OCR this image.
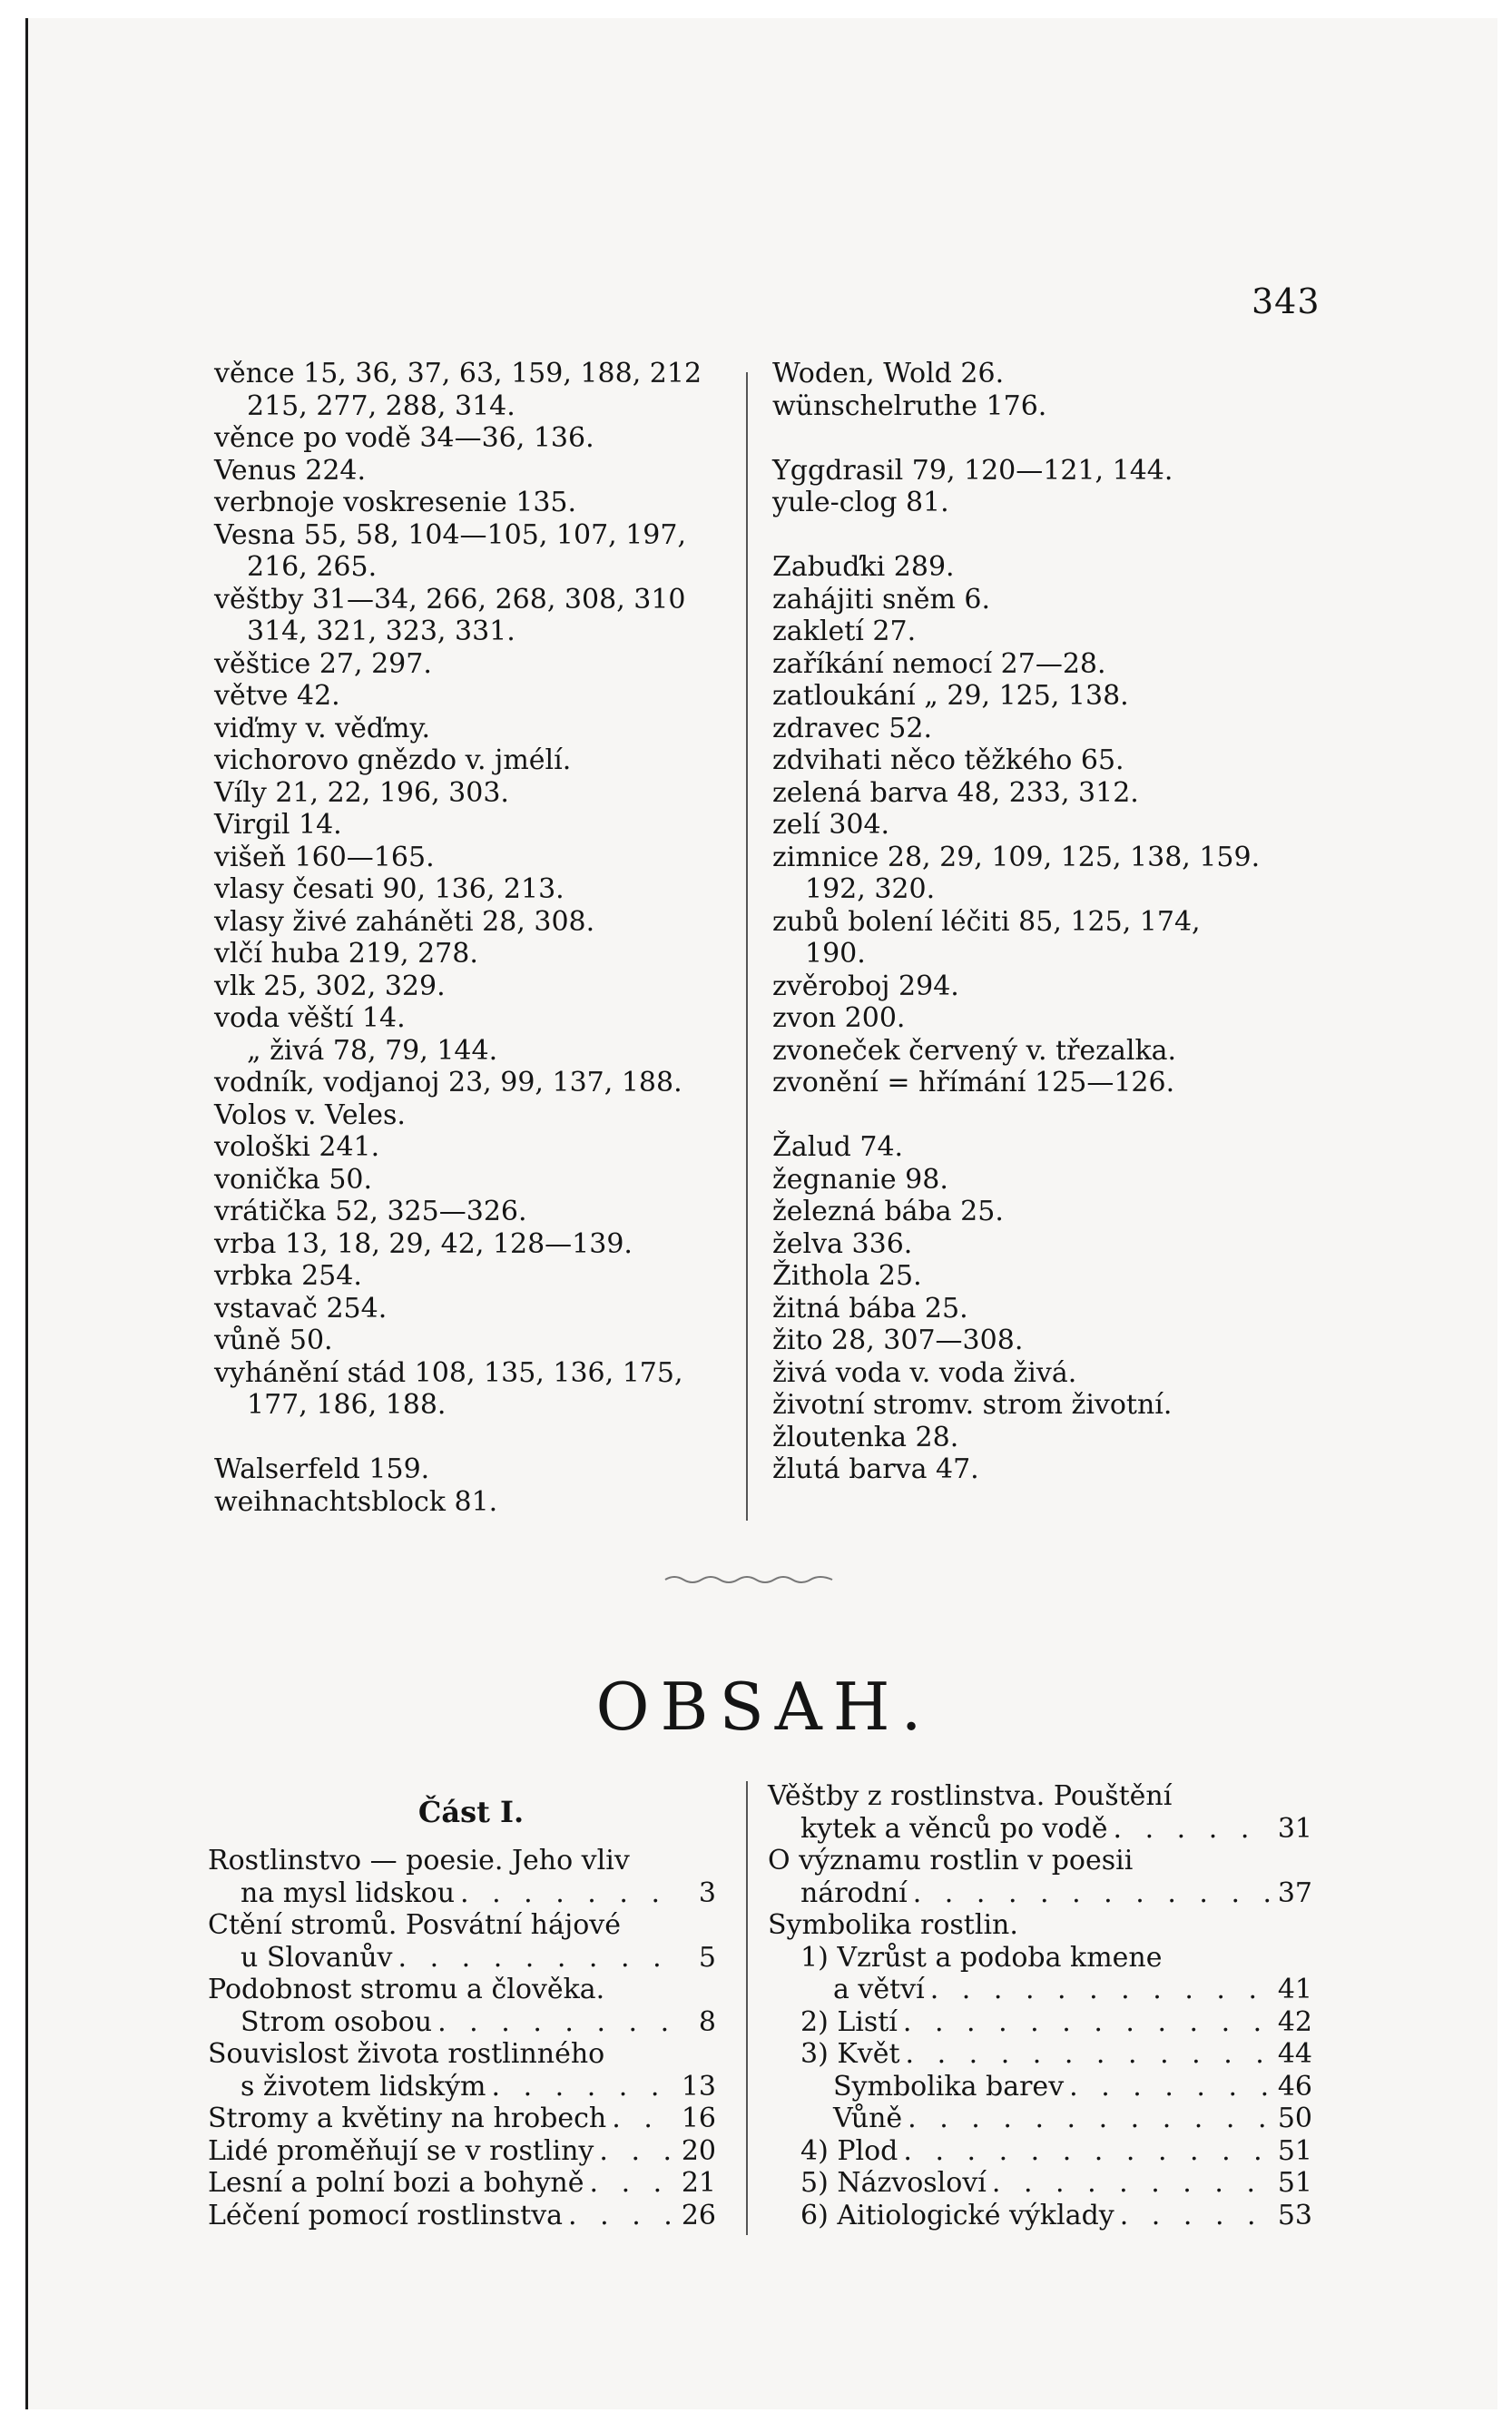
343
věnce 15, 36, 37, 63, 159, 188, 212
215, 277, 288, 314.
věnce po vodě 34—36, 136.
Venus 224.
verbnoje voskresenie 135.
Vesna 55, 58, 104—105, 107, 197,
216, 265.
věštby 31—34, 266, 268, 308, 310
314, 321, 323, 331.
věštice 27, 297.
větve 42.
viďmy v. věďmy.
vichorovo gnězdo v. jmélí.
Víly 21, 22, 196, 303.
Virgil 14.
višeň 160—165.
vlasy česati 90, 136, 213.
vlasy živé zaháněti 28, 308.
vlčí huba 219, 278.
vlk 25, 302, 329.
voda věští 14.
„ živá 78, 79, 144.
vodník, vodjanoj 23, 99, 137, 188.
Volos v. Veles.
vološki 241.
vonička 50.
vrátička 52, 325—326.
vrba 13, 18, 29, 42, 128—139.
vrbka 254.
vstavač 254.
vůně 50.
vyhánění stád 108, 135, 136, 175,
177, 186, 188.
Walserfeld 159.
weihnachtsblock 81.
Woden, Wold 26.
wünschelruthe 176.
Yggdrasil 79, 120—121, 144.
yule-clog 81.
Zabuďki 289.
zahájiti sněm 6.
zakletí 27.
zaříkání nemocí 27—28.
zatloukání „ 29, 125, 138.
zdravec 52.
zdvihati něco těžkého 65.
zelená barva 48, 233, 312.
zelí 304.
zimnice 28, 29, 109, 125, 138, 159.
192, 320.
zubů bolení léčiti 85, 125, 174,
190.
zvěroboj 294.
zvon 200.
zvoneček červený v. třezalka.
zvonění = hřímání 125—126.
Žalud 74.
žegnanie 98.
železná bába 25.
želva 336.
Žithola 25.
žitná bába 25.
žito 28, 307—308.
živá voda v. voda živá.
životní stromv. strom životní.
žloutenka 28.
žlutá barva 47.
OBSAH.
Část I.
Rostlinstvo — poesie. Jeho vliv
na mysl lidskou . . .	3
Ctění stromů. Posvátní hájové
u Slovanův . . .	5
Podobnost stromu a člověka.
Strom osobou . . .	8
Souvislost života rostlinného
s životem lidským . . .	13
Stromy a květiny na hrobech . . .	16
Lidé proměňují se v rostliny . . .	20
Lesní a polní bozi a bohyně . . .	21
Léčení pomocí rostlinstva . . .	26
Věštby z rostlinstva. Pouštění
kytek a věnců po vodě . . .	31
O významu rostlin v poesii
národní . . .	37
Symbolika rostlin.
1) Vzrůst a podoba kmene
a větví . . .	41
2) Listí . . .	42
3) Květ . . .	44
Symbolika barev . . .	46
Vůně . . .	50
4) Plod . . .	51
5) Názvosloví . . .	51
6) Aitiologické výklady . . .	53
